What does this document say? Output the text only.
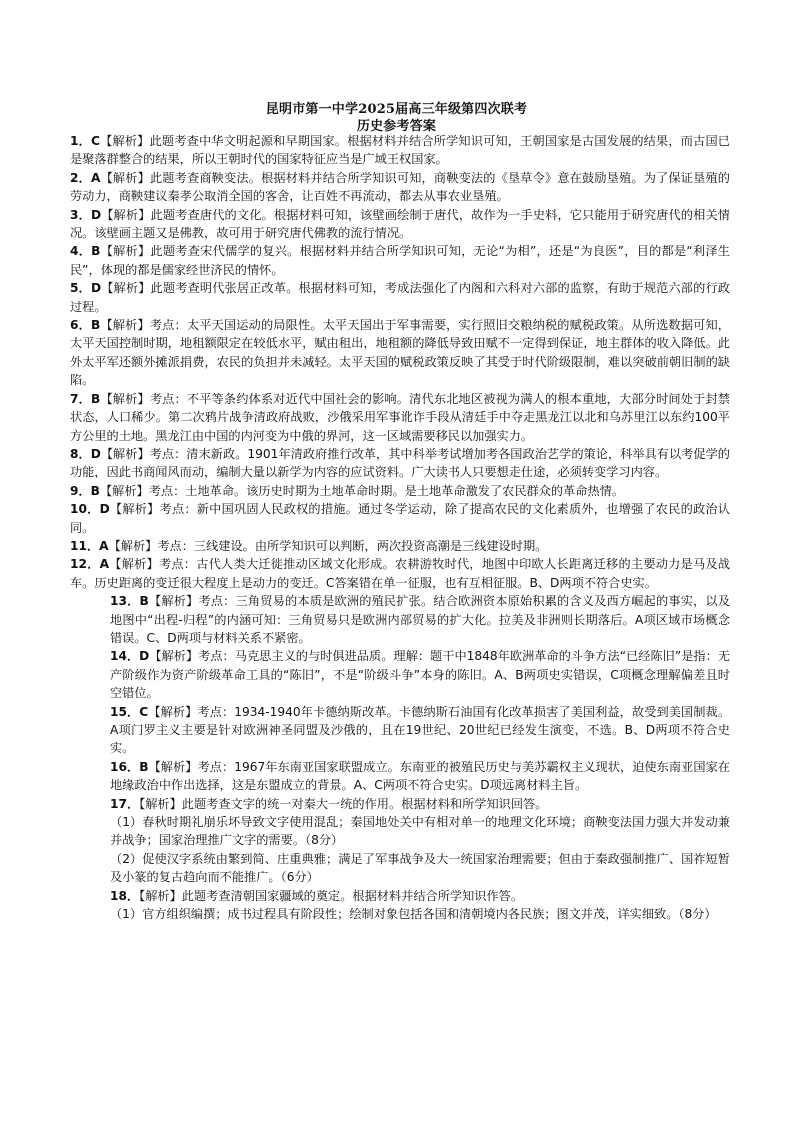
昆明市第一中学2025届高三年级第四次联考
历史参考答案

1．C【解析】此题考查中华文明起源和早期国家。根据材料并结合所学知识可知，王朝国家是古国发展的结果，而古国已是聚落群整合的结果，所以王朝时代的国家特征应当是广域王权国家。

2．A【解析】此题考查商鞅变法。根据材料并结合所学知识可知，商鞅变法的《垦草令》意在鼓励垦殖。为了保证垦殖的劳动力，商鞅建议秦孝公取消全国的客舍，让百姓不再流动，都去从事农业垦殖。

3．D【解析】此题考查唐代的文化。根据材料可知，该壁画绘制于唐代，故作为一手史料，它只能用于研究唐代的相关情况。该壁画主题又是佛教，故可用于研究唐代佛教的流行情况。

4．B【解析】此题考查宋代儒学的复兴。根据材料并结合所学知识可知，无论“为相”，还是“为良医”，目的都是“利泽生民”，体现的都是儒家经世济民的情怀。

5．D【解析】此题考查明代张居正改革。根据材料可知，考成法强化了内阁和六科对六部的监察，有助于规范六部的行政过程。

6．B【解析】考点：太平天国运动的局限性。太平天国出于军事需要，实行照旧交粮纳税的赋税政策。从所选数据可知，太平天国控制时期，地租额限定在较低水平，赋由租出，地租额的降低导致田赋不一定得到保证，地主群体的收入降低。此外太平军还额外摊派捐费，农民的负担并未减轻。太平天国的赋税政策反映了其受于时代阶级限制，难以突破前朝旧制的缺陷。

7．B【解析】考点：不平等条约体系对近代中国社会的影响。清代东北地区被视为满人的根本重地，大部分时间处于封禁状态，人口稀少。第二次鸦片战争清政府战败，沙俄采用军事讹诈手段从清廷手中夺走黑龙江以北和乌苏里江以东约100平方公里的土地。黑龙江由中国的内河变为中俄的界河，这一区域需要移民以加强实力。

8．D【解析】考点：清末新政。1901年清政府推行改革，其中科举考试增加考各国政治艺学的策论，科举具有以考促学的功能，因此书商闻风而动，编制大量以新学为内容的应试资料。广大读书人只要想走仕途，必须转变学习内容。

9．B【解析】考点：土地革命。该历史时期为土地革命时期。是土地革命激发了农民群众的革命热情。

10．D【解析】考点：新中国巩固人民政权的措施。通过冬学运动，除了提高农民的文化素质外，也增强了农民的政治认同。

11．A【解析】考点：三线建设。由所学知识可以判断，两次投资高潮是三线建设时期。

12．A【解析】考点：古代人类大迁徙推动区域文化形成。农耕游牧时代，地图中印欧人长距离迁移的主要动力是马及战车。历史距离的变迁很大程度上是动力的变迁。C答案错在单一征服，也有互相征服。B、D两项不符合史实。

13．B【解析】考点：三角贸易的本质是欧洲的殖民扩张。结合欧洲资本原始积累的含义及西方崛起的事实，以及地图中“出程-归程”的内涵可知：三角贸易只是欧洲内部贸易的扩大化。拉美及非洲则长期落后。A项区域市场概念错误。C、D两项与材料关系不紧密。

14．D【解析】考点：马克思主义的与时俱进品质。理解：题干中1848年欧洲革命的斗争方法“已经陈旧”是指：无产阶级作为资产阶级革命工具的“陈旧”，不是“阶级斗争”本身的陈旧。A、B两项史实错误，C项概念理解偏差且时空错位。

15．C【解析】考点：1934-1940年卡德纳斯改革。卡德纳斯石油国有化改革损害了美国利益，故受到美国制裁。A项门罗主义主要是针对欧洲神圣同盟及沙俄的，且在19世纪、20世纪已经发生演变，不选。B、D两项不符合史实。

16．B【解析】考点：1967年东南亚国家联盟成立。东南亚的被殖民历史与美苏霸权主义现状，迫使东南亚国家在地缘政治中作出选择，这是东盟成立的背景。A、C两项不符合史实。D项远离材料主旨。

17．【解析】此题考查文字的统一对秦大一统的作用。根据材料和所学知识回答。

（1）春秋时期礼崩乐坏导致文字使用混乱；秦国地处关中有相对单一的地理文化环境；商鞅变法国力强大并发动兼并战争；国家治理推广文字的需要。（8分）

（2）促使汉字系统由繁到简、庄重典雅；满足了军事战争及大一统国家治理需要；但由于秦政强制推广、国祚短暂及小篆的复古趋向而不能推广。（6分）

18．【解析】此题考查清朝国家疆域的奠定。根据材料并结合所学知识作答。

（1）官方组织编撰；成书过程具有阶段性；绘制对象包括各国和清朝境内各民族；图文并茂，详实细致。（8分）
